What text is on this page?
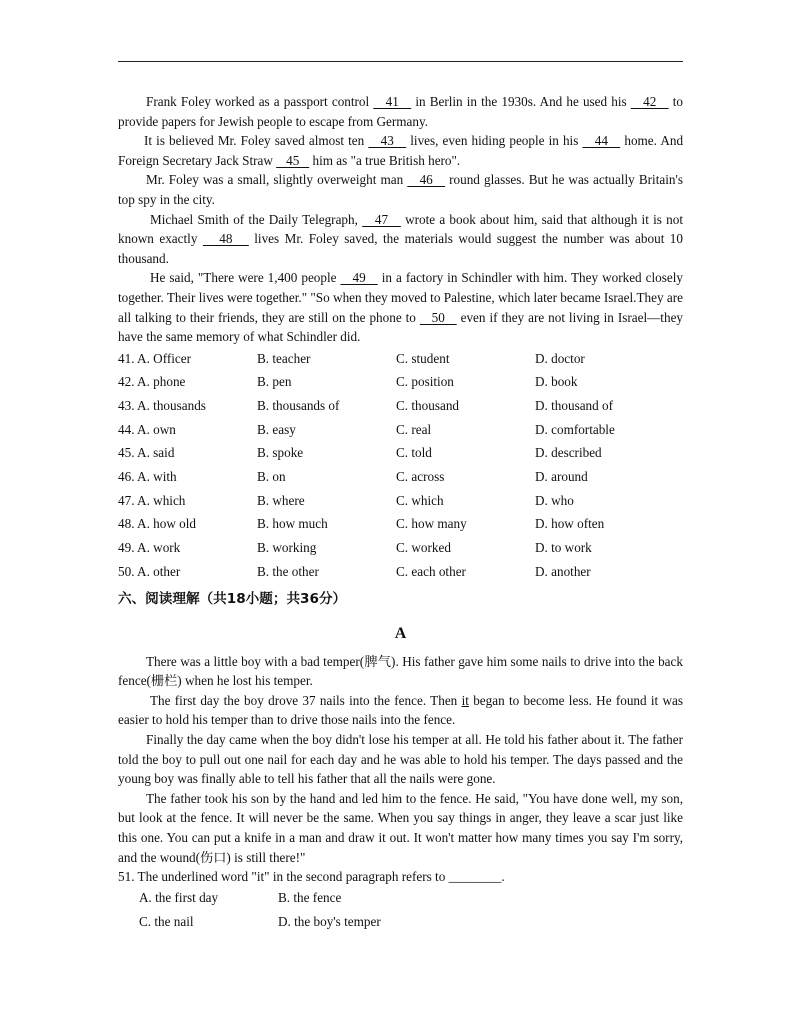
Frank Foley worked as a passport control    41    in Berlin in the 1930s. And he used his    42    to provide papers for Jewish people to escape from Germany.

It is believed Mr. Foley saved almost ten    43    lives, even hiding people in his    44    home. And Foreign Secretary Jack Straw    45    him as "a true British hero".

Mr. Foley was a small, slightly overweight man    46    round glasses. But he was actually Britain's top spy in the city.

Michael Smith of the Daily Telegraph,    47    wrote a book about him, said that although it is not known exactly    48    lives Mr. Foley saved, the materials would suggest the number was about 10 thousand.

He said, "There were 1,400 people    49    in a factory in Schindler with him. They worked closely together. Their lives were together." "So when they moved to Palestine, which later became Israel.They are all talking to their friends, they are still on the phone to    50    even if they are not living in Israel—they have the same memory of what Schindler did.

41. A. Officer	B. teacher	C. student	D. doctor
42. A. phone	B. pen	C. position	D. book
43. A. thousands	B. thousands of	C. thousand	D. thousand of
44. A. own	B. easy	C. real	D. comfortable
45. A. said	B. spoke	C. told	D. described
46. A. with	B. on	C. across	D. around
47. A. which	B. where	C. which	D. who
48. A. how old	B. how much	C. how many	D. how often
49. A. work	B. working	C. worked	D. to work
50. A. other	B. the other	C. each other	D. another
六、阅读理解（共18小题；共36分）
A

There was a little boy with a bad temper(脾气). His father gave him some nails to drive into the back fence(栅栏) when he lost his temper.

The first day the boy drove 37 nails into the fence. Then it began to become less. He found it was easier to hold his temper than to drive those nails into the fence.

Finally the day came when the boy didn't lose his temper at all. He told his father about it. The father told the boy to pull out one nail for each day and he was able to hold his temper. The days passed and the young boy was finally able to tell his father that all the nails were gone.

The father took his son by the hand and led him to the fence. He said, "You have done well, my son, but look at the fence. It will never be the same. When you say things in anger, they leave a scar just like this one. You can put a knife in a man and draw it out. It won't matter how many times you say I'm sorry, and the wound(伤口) is still there!"

51. The underlined word "it" in the second paragraph refers to ________.

A. the first day	B. the fence
C. the nail	D. the boy's temper
